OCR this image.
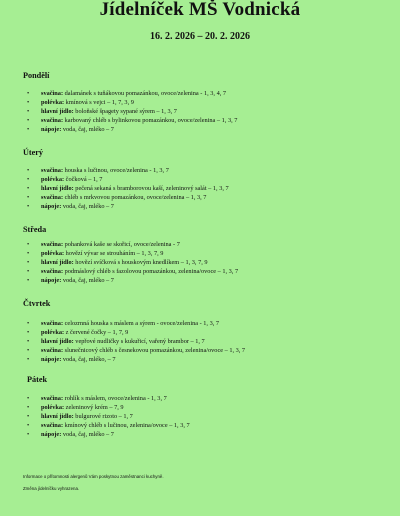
Jídelníček MŠ Vodnická
16. 2. 2026 – 20. 2. 2026
Pondělí
•	svačina: dalamánek s tuňákovou pomazánkou, ovoce/zelenina - 1, 3, 4, 7
•	polévka: kmínová s vejci – 1, 7, 3, 9
•	hlavní jídlo: boloňské špagety sypané sýrem – 1, 3, 7
•	svačina: karbovaný chléb s bylinkovou pomazánkou, ovoce/zelenina – 1, 3, 7
•	nápoje: voda, čaj, mléko – 7
Úterý
•	svačina: houska s lučinou, ovoce/zelenina - 1, 3, 7
•	polévka: čočková – 1, 7
•	hlavní jídlo: pečená sekaná s bramborovou kaší, zeleninový salát – 1, 3, 7
•	svačina: chléb s mrkvovou pomazánkou, ovoce/zelenina – 1, 3, 7
•	nápoje: voda, čaj, mléko – 7
Středa
•	svačina: pohanková kaše se skořicí, ovoce/zelenina - 7
•	polévka: hovězí vývar se strouháním – 1, 3, 7, 9
•	hlavní jídlo: hovězí svíčková s houskovým knedlíkem – 1, 3, 7, 9
•	svačina: podmáslový chléb s fazolovou pomazánkou, zelenina/ovoce – 1, 3, 7
•	nápoje: voda, čaj, mléko – 7
Čtvrtek
•	svačina: celozrnná houska s máslem a sýrem - ovoce/zelenina - 1, 3, 7
•	polévka: z červené čočky – 1, 7, 9
•	hlavní jídlo: vepřové nudličky s kukuřicí, vařený brambor – 1, 7
•	svačina: slunečnicový chléb s česnekovou pomazánkou, zelenina/ovoce – 1, 3, 7
•	nápoje: voda, čaj, mléko, – 7
Pátek
•	svačina: rohlík s máslem, ovoce/zelenina - 1, 3, 7
•	polévka: zeleninový krém – 7, 9
•	hlavní jídlo: bulgurové rizoto – 1, 7
•	svačina: kmínový chléb s lučinou, zelenina/ovoce – 1, 3, 7
•	nápoje: voda, čaj, mléko – 7
Informace o přítomnosti alergenů Vám poskytnou zaměstnanci kuchyně.
Změna jídelníčku vyhrazena.
